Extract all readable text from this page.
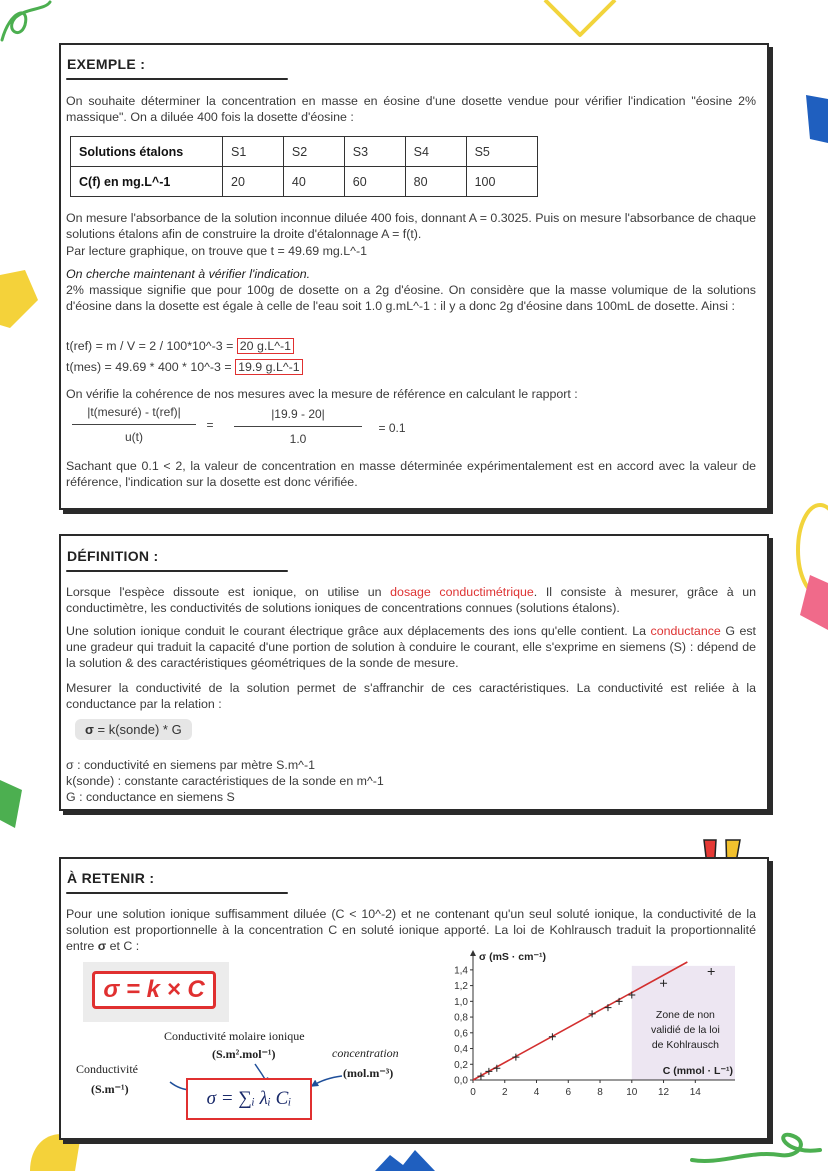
EXEMPLE :
On souhaite déterminer la concentration en masse en éosine d'une dosette vendue pour vérifier l'indication "éosine 2% massique". On a diluée 400 fois la dosette d'éosine :
Solutions étalons	S1	S2	S3	S4	S5
C(f) en mg.L^-1	20	40	60	80	100
On mesure l'absorbance de la solution inconnue diluée 400 fois, donnant A = 0.3025. Puis on mesure l'absorbance de chaque solutions étalons afin de construire la droite d'étalonnage A = f(t).
Par lecture graphique, on trouve que t = 49.69 mg.L^-1
On cherche maintenant à vérifier l'indication.
2% massique signifie que pour 100g de dosette on a 2g d'éosine. On considère que la masse volumique de la solutions d'éosine dans la dosette est égale à celle de l'eau soit 1.0 g.mL^-1 : il y a donc 2g d'éosine dans 100mL de dosette. Ainsi :
t(ref) = m / V = 2 / 100*10^-3 = 20 g.L^-1
t(mes) = 49.69 * 400 * 10^-3 = 19.9 g.L^-1
On vérifie la cohérence de nos mesures avec la mesure de référence en calculant le rapport :
|t(mesuré) - t(ref)|
u(t)
=
|19.9 - 20|
1.0
= 0.1
Sachant que 0.1 < 2, la valeur de concentration en masse déterminée expérimentalement est en accord avec la valeur de référence, l'indication sur la dosette est donc vérifiée.
DÉFINITION :
Lorsque l'espèce dissoute est ionique, on utilise un dosage conductimétrique. Il consiste à mesurer, grâce à un conductimètre, les conductivités de solutions ioniques de concentrations connues (solutions étalons).
Une solution ionique conduit le courant électrique grâce aux déplacements des ions qu'elle contient. La conductance G est une gradeur qui traduit la capacité d'une portion de solution à conduire le courant, elle s'exprime en siemens (S) : dépend de la solution & des caractéristiques géométriques de la sonde de mesure.
Mesurer la conductivité de la solution permet de s'affranchir de ces caractéristiques. La conductivité est reliée à la conductance par la relation :
σ = k(sonde) * G
σ : conductivité en siemens par mètre S.m^-1
k(sonde) : constante caractéristiques de la sonde en m^-1
G : conductance en siemens S
À RETENIR :
Pour une solution ionique suffisamment diluée (C < 10^-2) et ne contenant qu'un seul soluté ionique, la conductivité de la solution est proportionnelle à la concentration C en soluté ionique apporté. La loi de Kohlrausch traduit la proportionnalité entre σ et C :
σ = k × C
Conductivité molaire ionique
(S.m².mol⁻¹)	concentration
(mol.m⁻³)
Conductivité
(S.m⁻¹)	σ = ∑ᵢ λᵢ Cᵢ
0,0
0,2
0,4
0,6
0,8
1,0
1,2
1,4
0	2	4	6	8 10 12 14
σ (mS · cm⁻¹)
C (mmol · L⁻¹)
Zone de non
validié de la loi
de Kohlrausch
